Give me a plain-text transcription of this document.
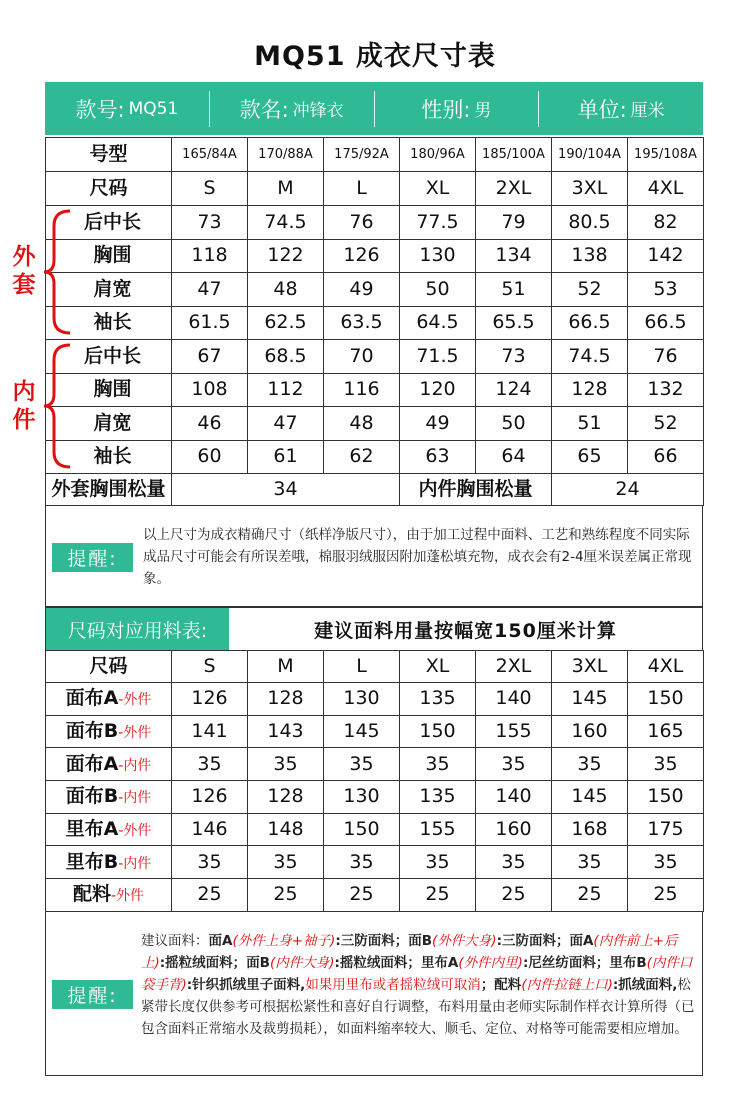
MQ51 成衣尺寸表
款号: MQ51	款名: 冲锋衣	性别: 男	单位: 厘米
号型	165/84A	170/88A	175/92A	180/96A	185/100A	190/104A	195/108A
尺码	S	M	L	XL	2XL	3XL	4XL
后中长	73	74.5	76	77.5	79	80.5	82
胸围	118	122	126	130	134	138	142
肩宽	47	48	49	50	51	52	53
袖长	61.5	62.5	63.5	64.5	65.5	66.5	66.5
后中长	67	68.5	70	71.5	73	74.5	76
胸围	108	112	116	120	124	128	132
肩宽	46	47	48	49	50	51	52
袖长	60	61	62	63	64	65	66
外套胸围松量	34			内件胸围松量		24	
外套
内件
提醒:
以上尺寸为成衣精确尺寸（纸样净版尺寸），由于加工过程中面料、工艺和熟练程度不同实际成品尺寸可能会有所误差哦，棉服羽绒服因附加蓬松填充物，成衣会有2-4厘米误差属正常现象。
尺码对应用料表:	建议面料用量按幅宽150厘米计算
尺码	S	M	L	XL	2XL	3XL	4XL
面布A-外件	126	128	130	135	140	145	150
面布B-外件	141	143	145	150	155	160	165
面布A-内件	35	35	35	35	35	35	35
面布B-内件	126	128	130	135	140	145	150
里布A-外件	146	148	150	155	160	168	175
里布B-内件	35	35	35	35	35	35	35
配料-外件	25	25	25	25	25	25	25
提醒:
建议面料：面A(外件上身+袖子):三防面料；面B(外件大身):三防面料；面A(内件前上+后上):摇粒绒面料；面B(内件大身):摇粒绒面料；里布A(外件内里):尼丝纺面料；里布B(内件口袋手背):针织抓绒里子面料,如果用里布或者摇粒绒可取消；配料(内件拉链上口):抓绒面料,松紧带长度仅供参考可根据松紧性和喜好自行调整，布料用量由老师实际制作样衣计算所得（已包含面料正常缩水及裁剪损耗），如面料缩率较大、顺毛、定位、对格等可能需要相应增加。
